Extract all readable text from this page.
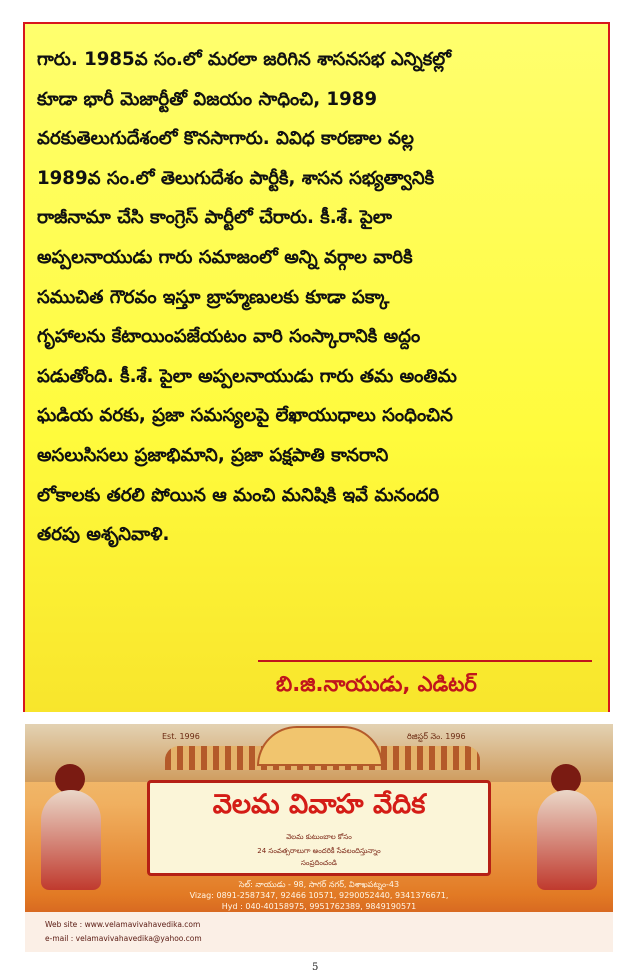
గారు. 1985వ సం.లో మరలా జరిగిన శాసనసభ ఎన్నికల్లో
కూడా భారీ మెజార్టీతో విజయం సాధించి, 1989
వరకుతెలుగుదేశంలో కొనసాగారు. వివిధ కారణాల వల్ల
1989వ సం.లో తెలుగుదేశం పార్టీకి, శాసన సభ్యత్వానికి
రాజీనామా చేసి కాంగ్రెస్ పార్టీలో చేరారు. కీ.శే. పైలా
అప్పలనాయుడు గారు సమాజంలో అన్ని వర్గాల వారికి
సముచిత గౌరవం ఇస్తూ బ్రాహ్మణులకు కూడా పక్కా
గృహాలను కేటాయింపజేయటం వారి సంస్కారానికి అద్దం
పడుతోంది. కీ.శే. పైలా అప్పలనాయుడు గారు తమ అంతిమ
ఘడియ వరకు, ప్రజా సమస్యలపై లేఖాయుధాలు సంధించిన
అసలుసిసలు ప్రజాభిమాని, ప్రజా పక్షపాతి కానరాని
లోకాలకు తరలి పోయిన ఆ మంచి మనిషికి ఇవే మనందరి
తరపు అశృనివాళి.

బి.జి.నాయుడు, ఎడిటర్
Est. 1996	రిజిస్టర్ నెం. 1996
వెలమ వివాహ వేదిక
వెలమ కుటుంబాల కోసం
24 సంవత్సరాలుగా అందరికీ సేవలందిస్తున్నాం
సంప్రదించండి
సెల్: నాయుడు - 98, సాగర్ నగర్, విశాఖపట్నం-43
Vizag: 0891-2587347, 92466 10571, 9290052440, 9341376671,
Hyd : 040-40158975, 9951762389, 9849190571
Web site : www.velamavivahavedika.com
e-mail : velamavivahavedika@yahoo.com
5
